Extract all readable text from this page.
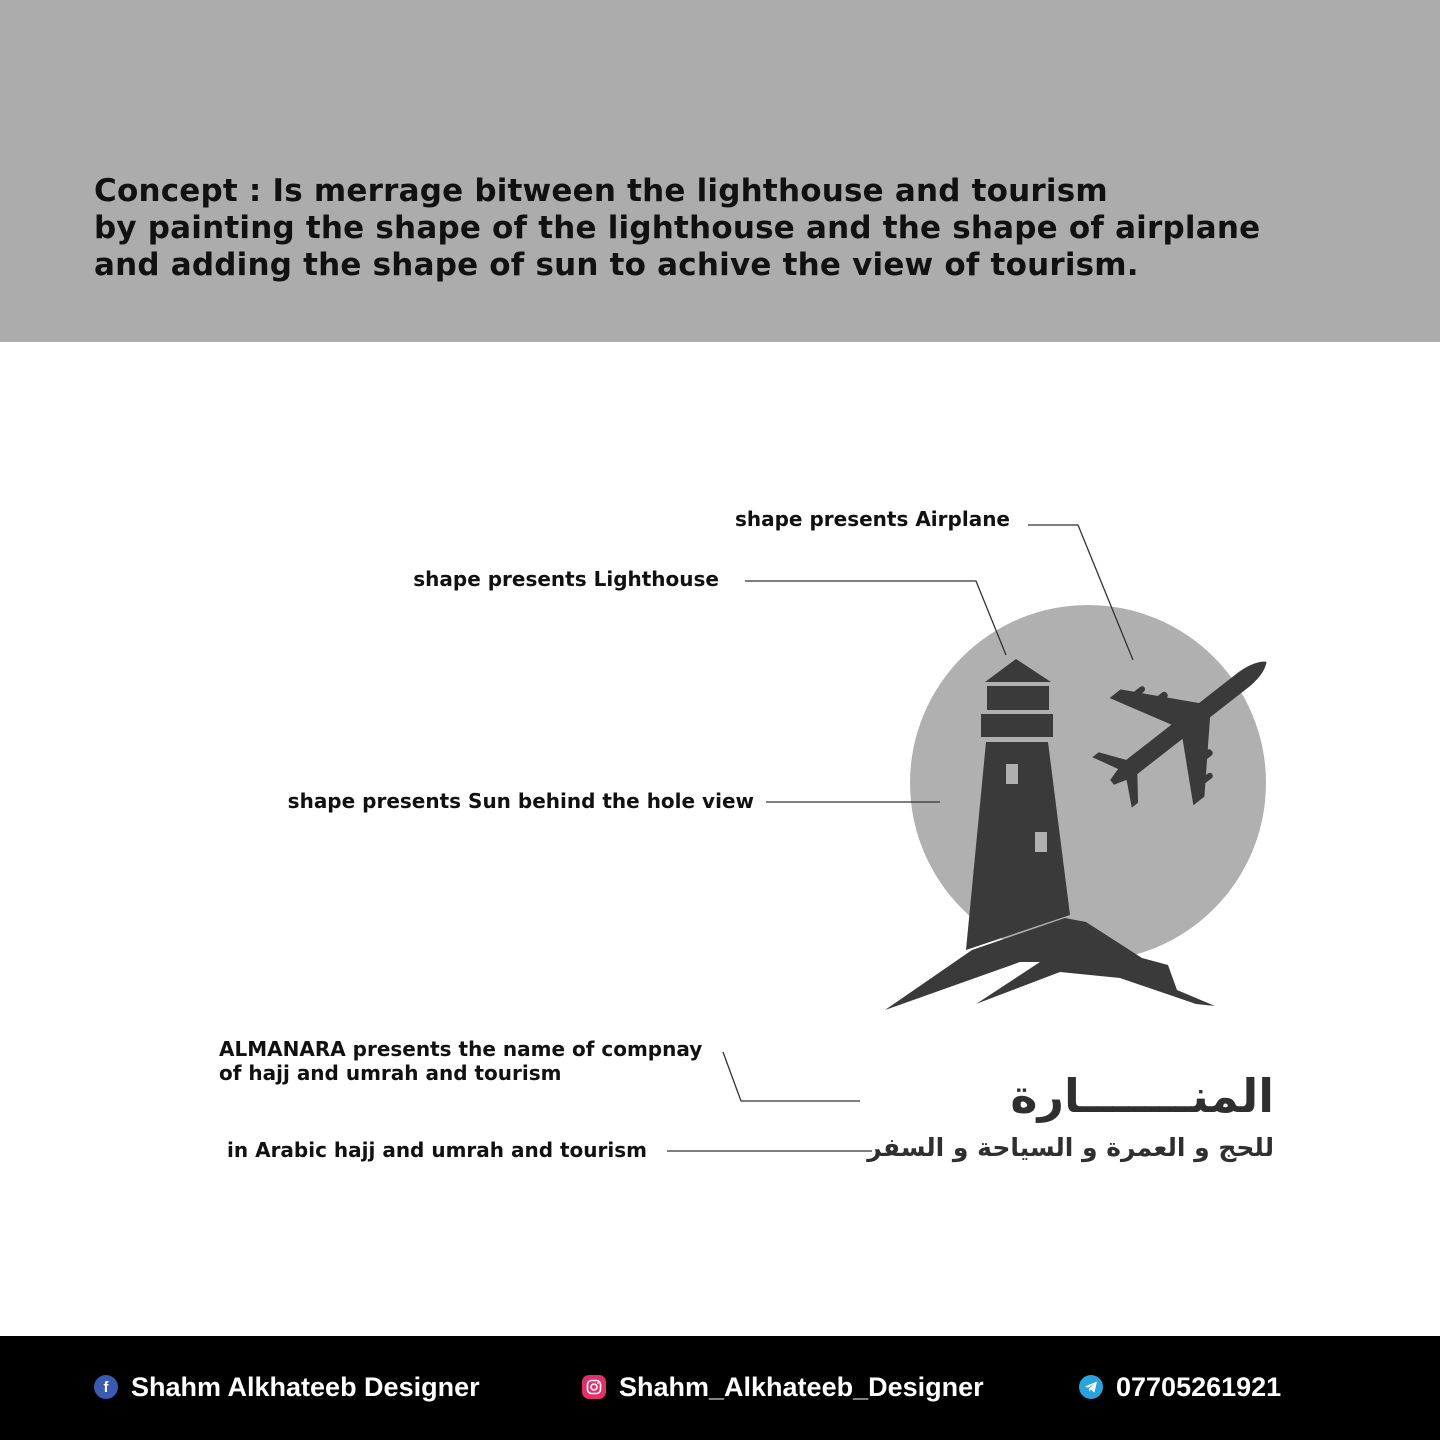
Concept : Is merrage bitween the lighthouse and tourism
by painting the shape of the lighthouse and the shape of airplane
and adding the shape of sun to achive the view of tourism.
shape presents Airplane
shape presents Lighthouse
shape presents Sun behind the hole view
ALMANARA presents the name of compnay
of hajj and umrah and tourism
in Arabic hajj and umrah and tourism
المنـــــــارة
للحج و العمرة و السياحة و السفر
f Shahm Alkhateeb Designer	Shahm_Alkhateeb_Designer	07705261921
